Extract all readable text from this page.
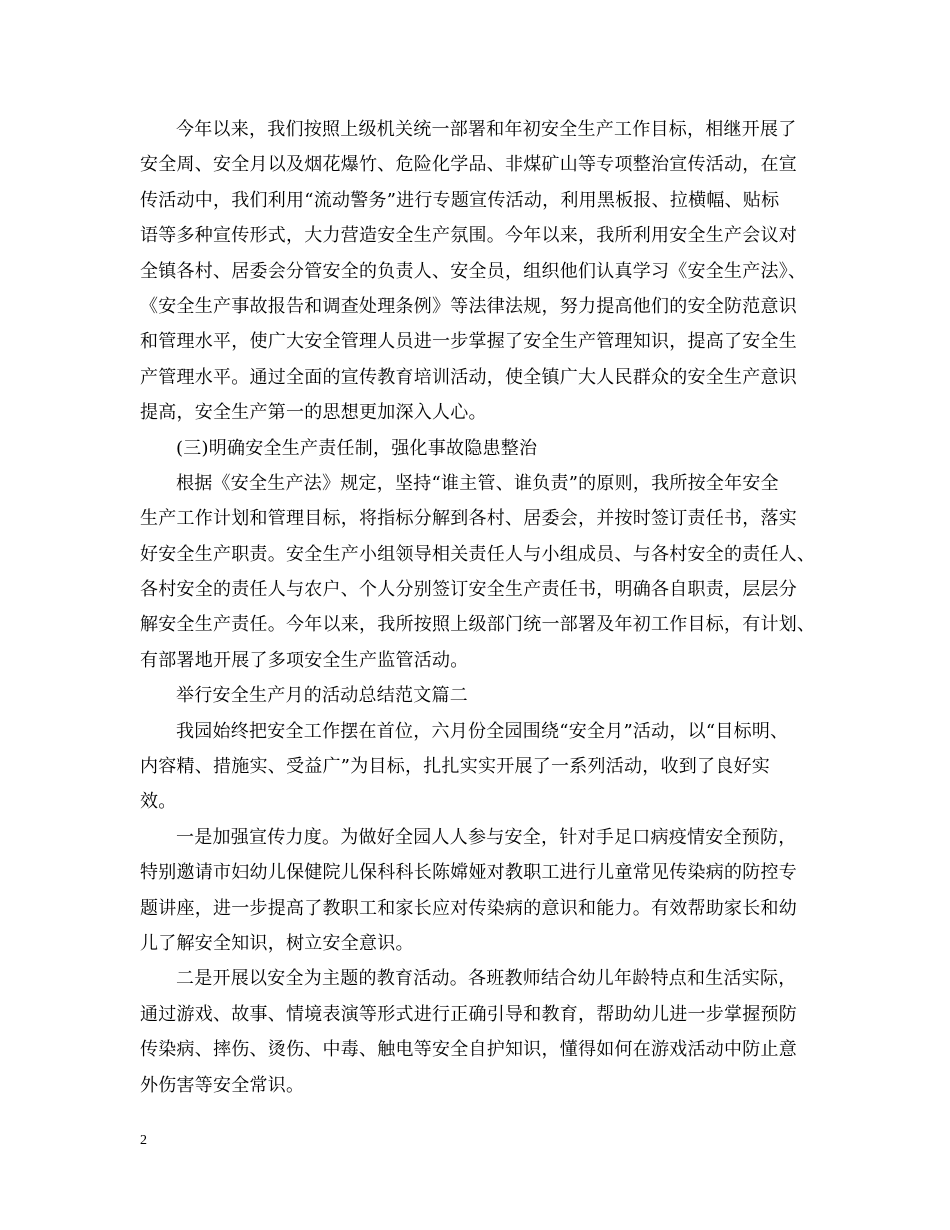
今年以来，我们按照上级机关统一部署和年初安全生产工作目标，相继开展了
安全周、安全月以及烟花爆竹、危险化学品、非煤矿山等专项整治宣传活动，在宣
传活动中，我们利用“流动警务”进行专题宣传活动，利用黑板报、拉横幅、贴标
语等多种宣传形式，大力营造安全生产氛围。今年以来，我所利用安全生产会议对
全镇各村、居委会分管安全的负责人、安全员，组织他们认真学习《安全生产法》、
《安全生产事故报告和调查处理条例》等法律法规，努力提高他们的安全防范意识
和管理水平，使广大安全管理人员进一步掌握了安全生产管理知识，提高了安全生
产管理水平。通过全面的宣传教育培训活动，使全镇广大人民群众的安全生产意识
提高，安全生产第一的思想更加深入人心。
(三)明确安全生产责任制，强化事故隐患整治
根据《安全生产法》规定，坚持“谁主管、谁负责”的原则，我所按全年安全
生产工作计划和管理目标，将指标分解到各村、居委会，并按时签订责任书，落实
好安全生产职责。安全生产小组领导相关责任人与小组成员、与各村安全的责任人、
各村安全的责任人与农户、个人分别签订安全生产责任书，明确各自职责，层层分
解安全生产责任。今年以来，我所按照上级部门统一部署及年初工作目标，有计划、
有部署地开展了多项安全生产监管活动。
举行安全生产月的活动总结范文篇二
我园始终把安全工作摆在首位，六月份全园围绕“安全月”活动，以“目标明、
内容精、措施实、受益广”为目标，扎扎实实开展了一系列活动，收到了良好实
效。
一是加强宣传力度。为做好全园人人参与安全，针对手足口病疫情安全预防，
特别邀请市妇幼儿保健院儿保科科长陈嫦娅对教职工进行儿童常见传染病的防控专
题讲座，进一步提高了教职工和家长应对传染病的意识和能力。有效帮助家长和幼
儿了解安全知识，树立安全意识。
二是开展以安全为主题的教育活动。各班教师结合幼儿年龄特点和生活实际，
通过游戏、故事、情境表演等形式进行正确引导和教育，帮助幼儿进一步掌握预防
传染病、摔伤、烫伤、中毒、触电等安全自护知识，懂得如何在游戏活动中防止意
外伤害等安全常识。
2
